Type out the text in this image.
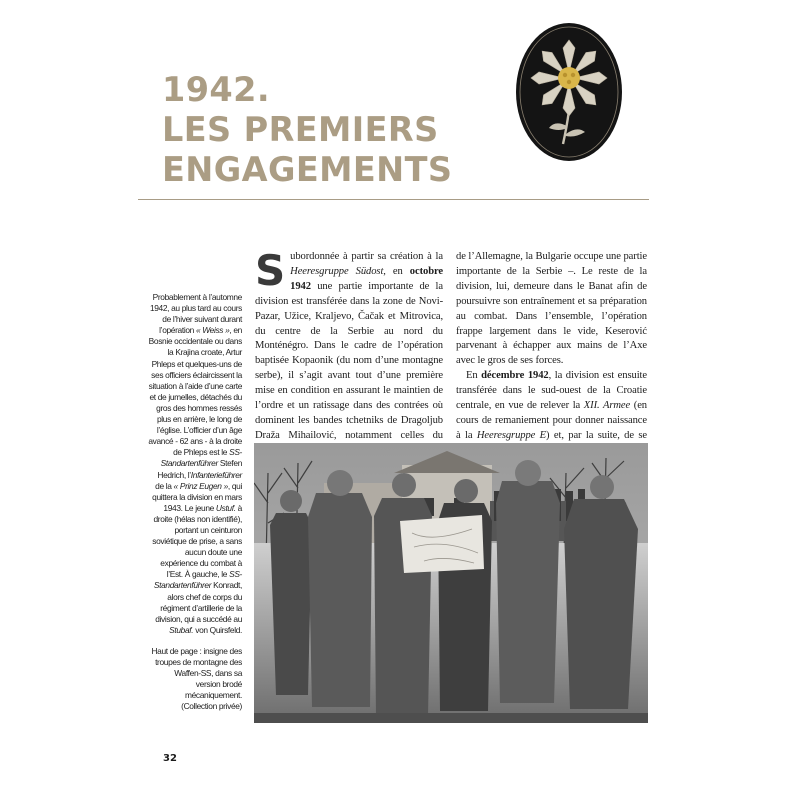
1942.
LES PREMIERS
ENGAGEMENTS

Probablement à l’automne 1942, au plus tard au cours de l’hiver suivant durant l’opération « Weiss », en Bosnie occidentale ou dans la Krajina croate, Artur Phleps et quelques-uns de ses officiers éclaircissent la situation à l’aide d’une carte et de jumelles, détachés du gros des hommes ressés plus en arrière, le long de l’église. L’officier d’un âge avancé - 62 ans - à la droite de Phleps est le SS-Standartenführer Stefen Hedrich, l’Infanterieführer de la « Prinz Eugen », qui quittera la division en mars 1943. Le jeune Ustuf. à droite (hélas non identifié), portant un ceinturon soviétique de prise, a sans aucun doute une expérience du combat à l’Est. À gauche, le SS-Standartenführer Konradt, alors chef de corps du régiment d’artillerie de la division, qui a succédé au Stubaf. von Quirsfeld.

Haut de page : insigne des troupes de montagne des Waffen-SS, dans sa version brodé mécaniquement. (Collection privée)

Subordonnée à partir sa création à la Heeresgruppe Südost, en octobre 1942 une partie importante de la division est transférée dans la zone de Novi-Pazar, Užice, Kraljevo, Čačak et Mitrovica, du centre de la Serbie au nord du Monténégro. Dans le cadre de l’opération baptisée Kopaonik (du nom d’une montagne serbe), il s’agit avant tout d’une première mise en condition en assurant le maintien de l’ordre et un ratissage dans des contrées où dominent les bandes tchetniks de Dragoljub Draža Mihailović, notamment celles du

de l’Allemagne, la Bulgarie occupe une partie importante de la Serbie –. Le reste de la division, lui, demeure dans le Banat afin de poursuivre son entraînement et sa préparation au combat. Dans l’ensemble, l’opération frappe largement dans le vide, Keserović parvenant à échapper aux mains de l’Axe avec le gros de ses forces.

En décembre 1942, la division est ensuite transférée dans le sud-ouest de la Croatie centrale, en vue de relever la XII. Armee (en cours de remaniement pour donner naissance à la Heeresgruppe E) et, par la suite, de se

32
